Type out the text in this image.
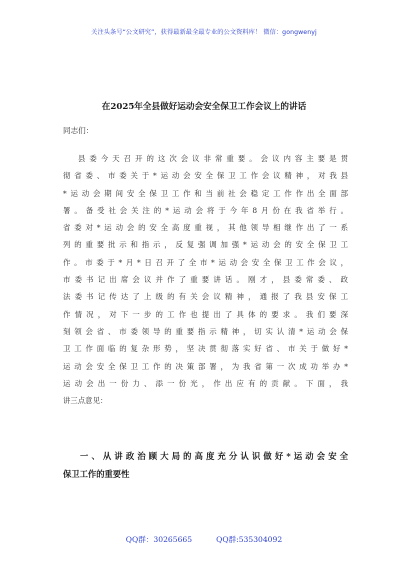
关注头条号“公文研究”，获得最新最全最专业的公文资料库！ 微信：gongwenyj
在2025年全县做好运动会安全保卫工作会议上的讲话
同志们：
县委今天召开的这次会议非常重要。会议内容主要是贯
彻省委、市委关于*运动会安全保卫工作会议精神，对我县
*运动会期间安全保卫工作和当前社会稳定工作作出全面部
署。备受社会关注的*运动会将于今年8月份在我省举行。
省委对*运动会的安全高度重视，其他领导相继作出了一系
列的重要批示和指示，反复强调加强*运动会的安全保卫工
作。市委于*月*日召开了全市*运动会安全保卫工作会议，
市委书记出席会议并作了重要讲话。刚才，县委常委、政
法委书记传达了上级的有关会议精神，通报了我县安保工
作情况，对下一步的工作也提出了具体的要求。我们要深
刻领会省、市委领导的重要指示精神，切实认清*运动会保
卫工作面临的复杂形势，坚决贯彻落实好省、市关于做好*
运动会安全保卫工作的决策部署，为我省第一次成功举办*
运动会出一份力、添一份光，作出应有的贡献。下面，我
讲三点意见：
一、从讲政治顾大局的高度充分认识做好*运动会安全
保卫工作的重要性
QQ群：30265665	QQ群:535304092
